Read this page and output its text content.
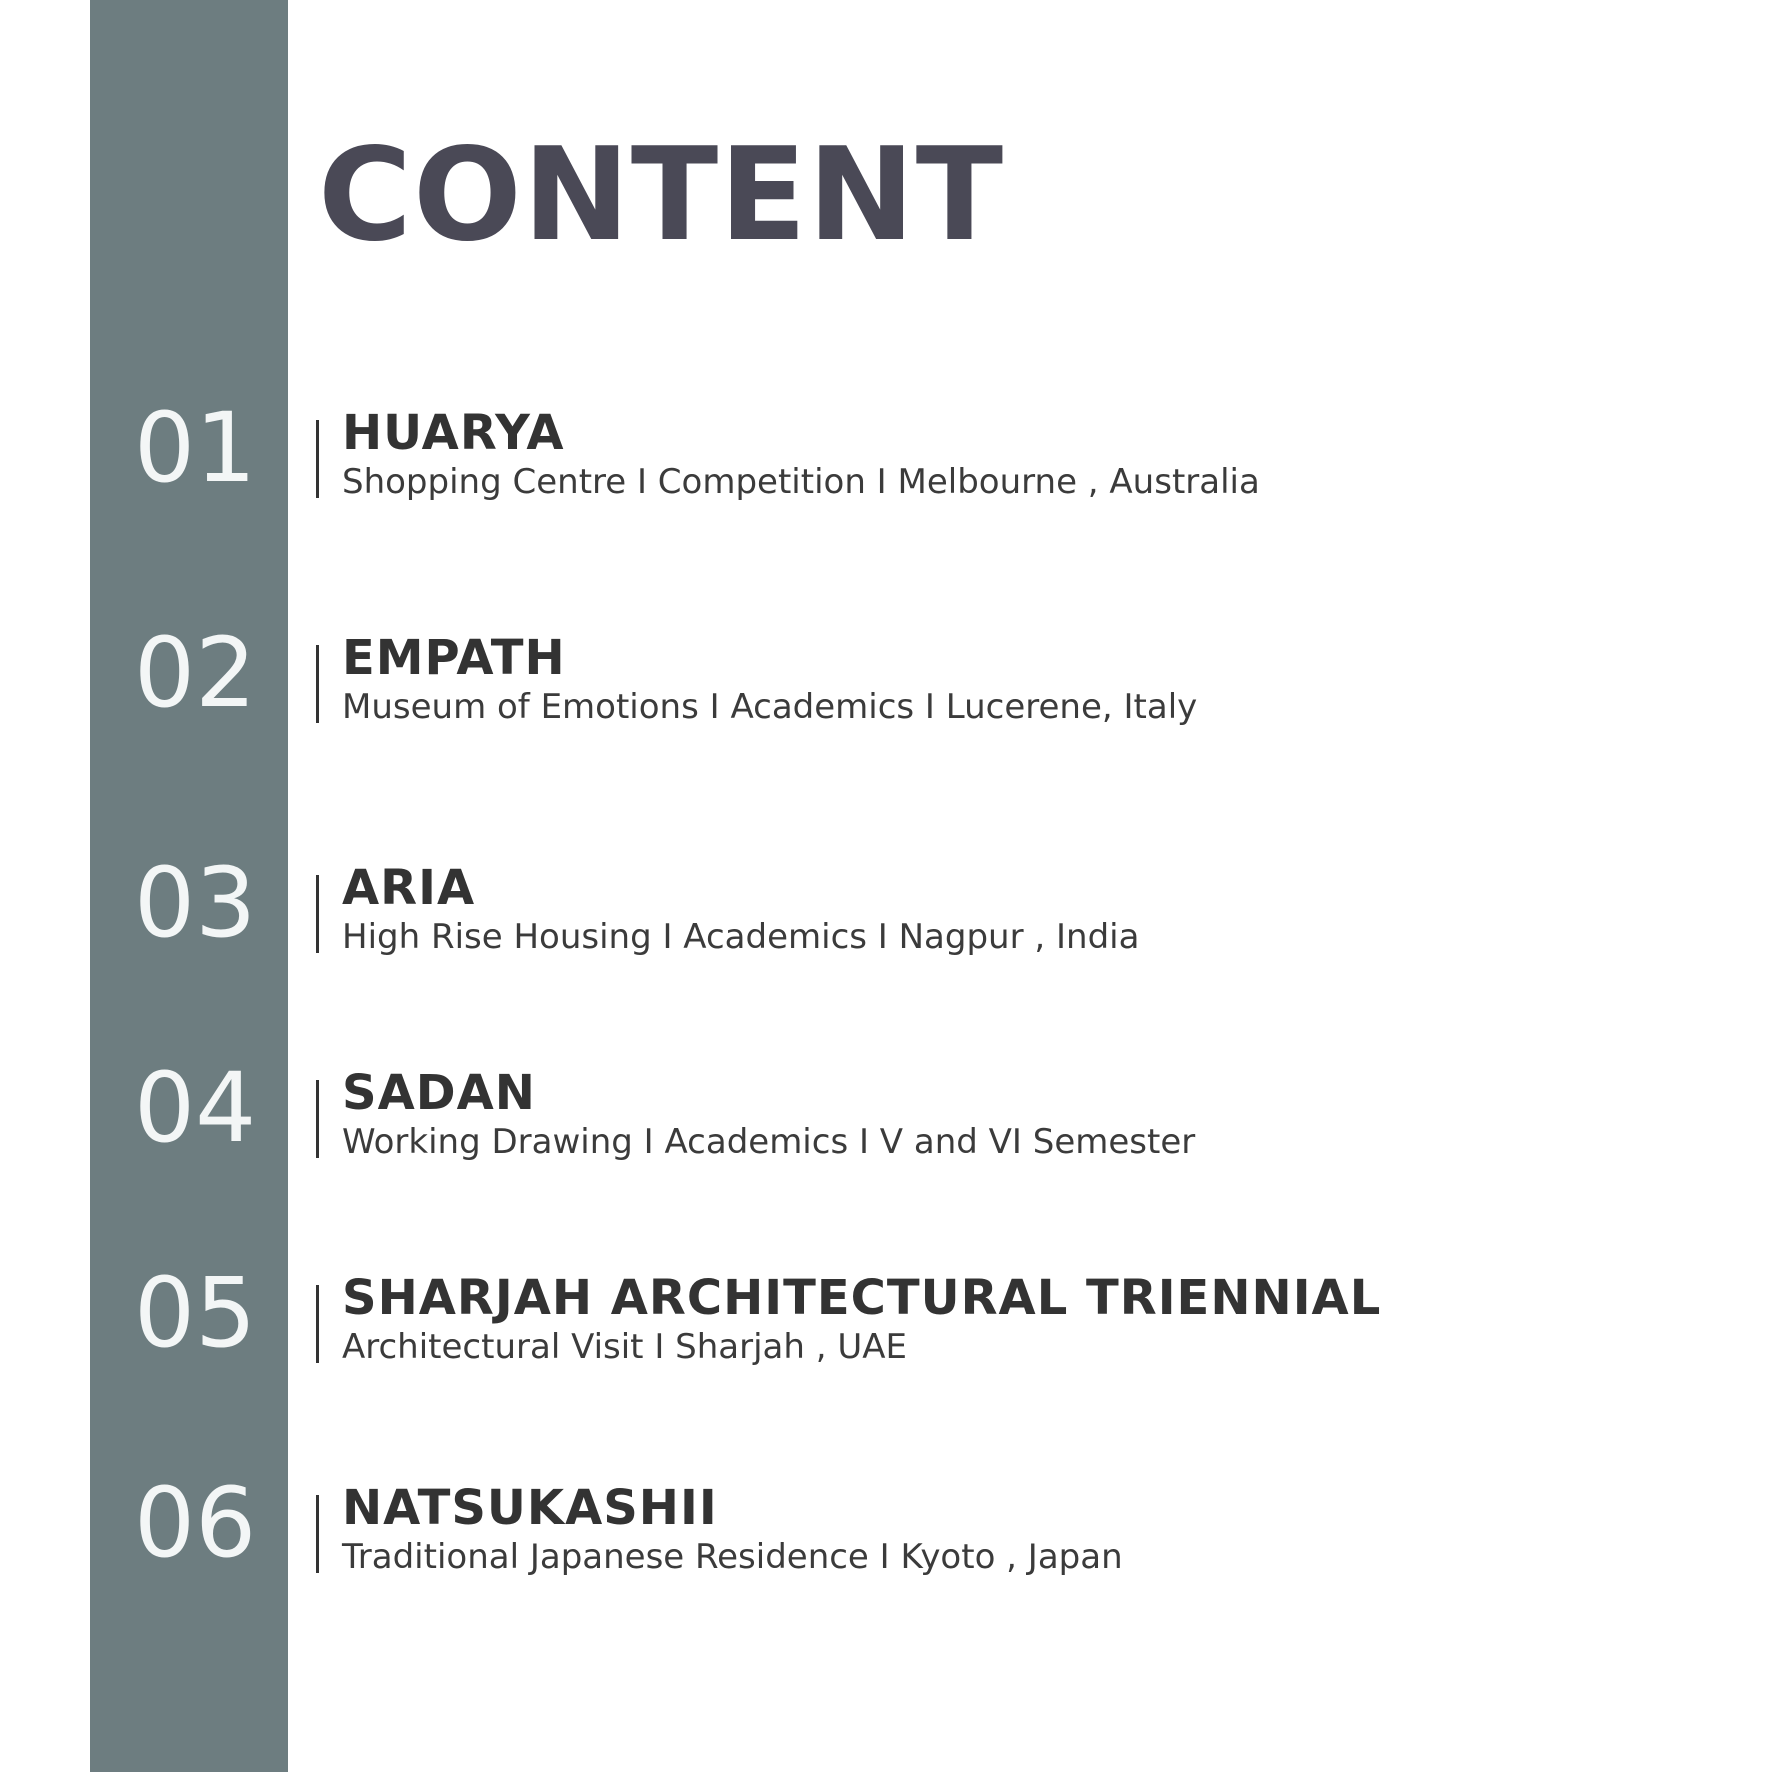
CONTENT
01 HUARYA
Shopping Centre I Competition I Melbourne , Australia
02 EMPATH
Museum of Emotions I Academics I Lucerene, Italy
03 ARIA
High Rise Housing I Academics I Nagpur , India
04 SADAN
Working Drawing I Academics I V and VI Semester
05 SHARJAH ARCHITECTURAL TRIENNIAL
Architectural Visit I Sharjah , UAE
06 NATSUKASHII
Traditional Japanese Residence I Kyoto , Japan
